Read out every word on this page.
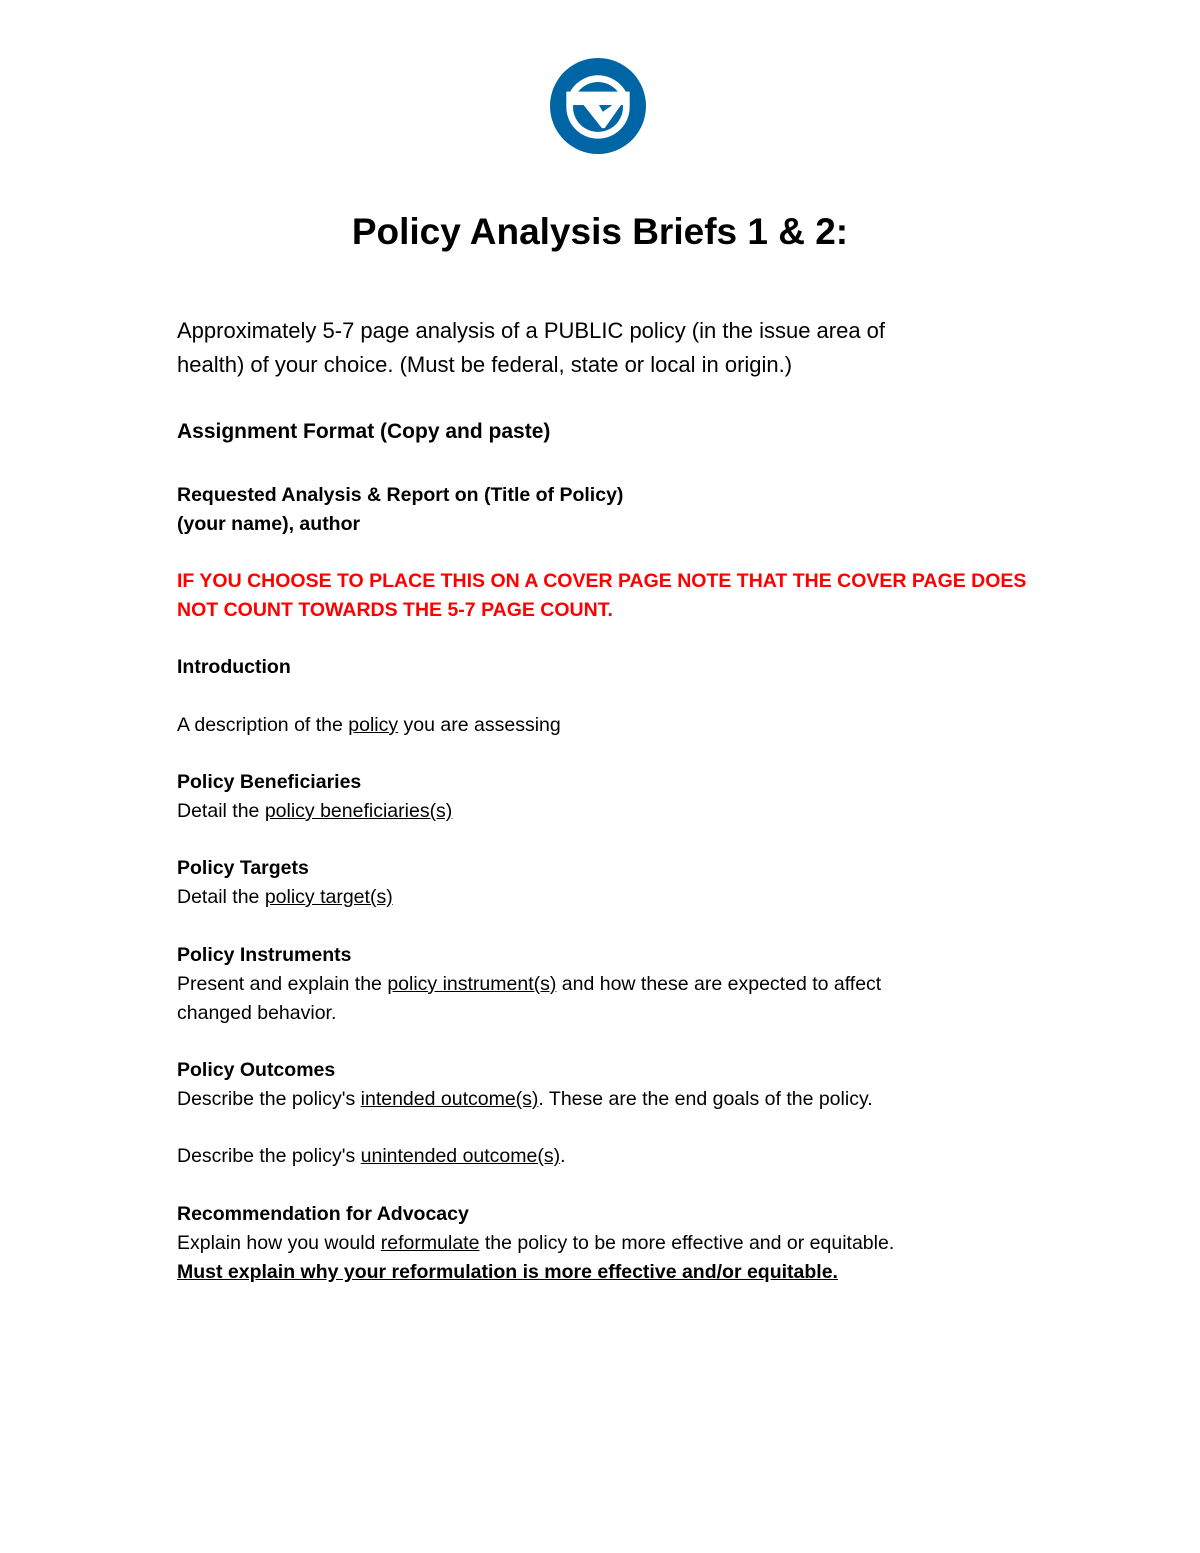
Policy Analysis Briefs 1 & 2:
Approximately 5-7 page analysis of a PUBLIC policy (in the issue area of
health) of your choice. (Must be federal, state or local in origin.)
Assignment Format (Copy and paste)
Requested Analysis & Report on (Title of Policy)
(your name), author
IF YOU CHOOSE TO PLACE THIS ON A COVER PAGE NOTE THAT THE COVER PAGE DOES
NOT COUNT TOWARDS THE 5-7 PAGE COUNT.
Introduction
A description of the policy you are assessing
Policy Beneficiaries
Detail the policy beneficiaries(s)
Policy Targets
Detail the policy target(s)
Policy Instruments
Present and explain the policy instrument(s) and how these are expected to affect
changed behavior.
Policy Outcomes
Describe the policy's intended outcome(s). These are the end goals of the policy.
Describe the policy's unintended outcome(s).
Recommendation for Advocacy
Explain how you would reformulate the policy to be more effective and or equitable.
Must explain why your reformulation is more effective and/or equitable.
